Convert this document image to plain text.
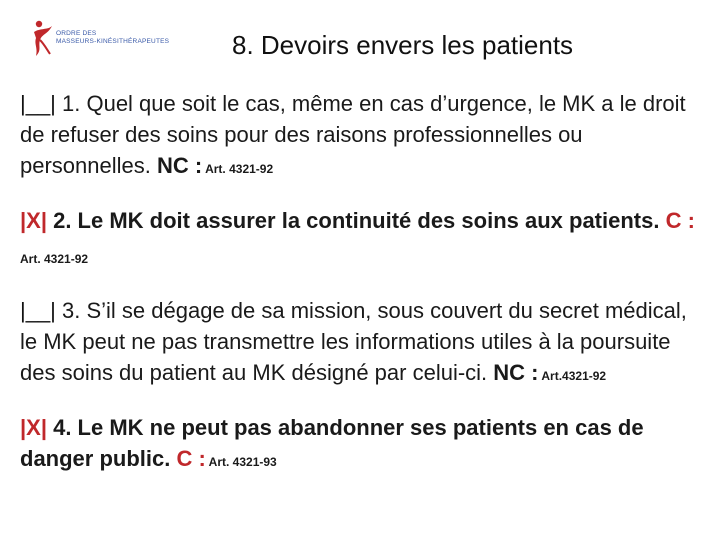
ORDRE DES
MASSEURS-KINÉSITHÉRAPEUTES 8. Devoirs envers les patients

|__| 1. Quel que soit le cas, même en cas d’urgence, le MK a le droit de refuser des soins pour des raisons professionnelles ou personnelles. NC : Art. 4321-92

|X| 2. Le MK doit assurer la continuité des soins aux patients. C : Art. 4321-92

|__| 3. S’il se dégage de sa mission, sous couvert du secret médical, le MK peut ne pas transmettre les informations utiles à la poursuite des soins du patient au MK désigné par celui-ci. NC : Art.4321-92

|X| 4. Le MK ne peut pas abandonner ses patients en cas de danger public. C : Art. 4321-93
